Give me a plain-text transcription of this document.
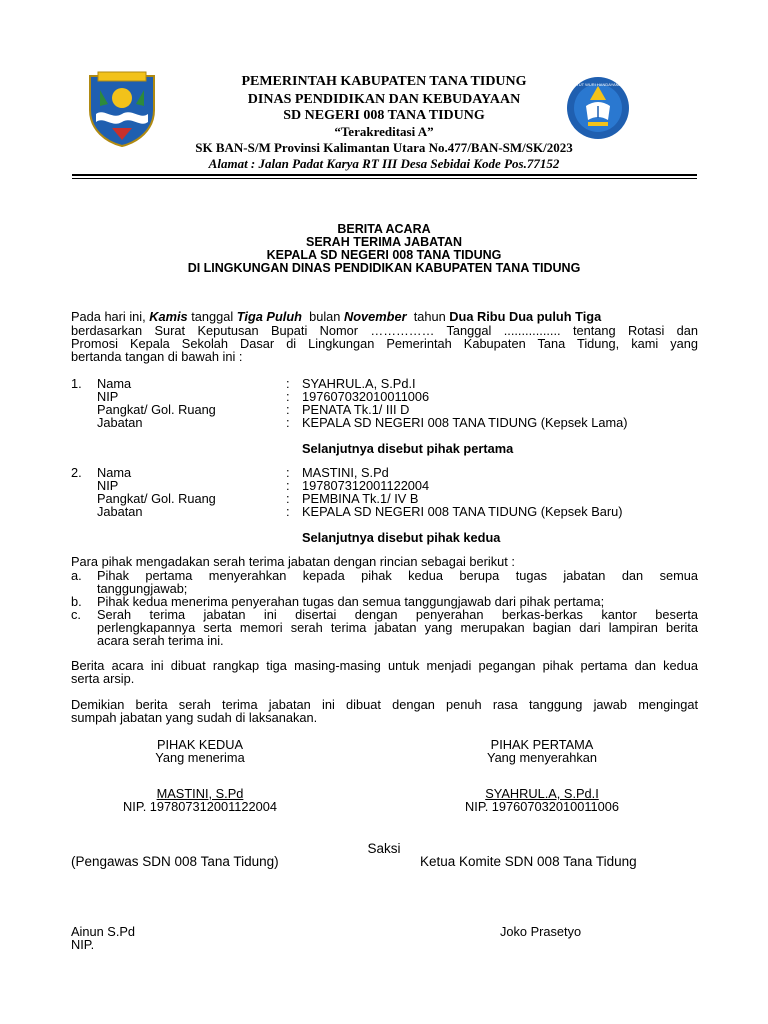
TUT WURI HANDAYANI
PEMERINTAH KABUPATEN TANA TIDUNG
DINAS PENDIDIKAN DAN KEBUDAYAAN
SD NEGERI 008 TANA TIDUNG
“Terakreditasi A”
SK BAN-S/M Provinsi Kalimantan Utara No.477/BAN-SM/SK/2023
Alamat : Jalan Padat Karya RT III Desa Sebidai Kode Pos.77152
BERITA ACARA
SERAH TERIMA JABATAN
KEPALA SD NEGERI 008 TANA TIDUNG
DI LINGKUNGAN DINAS PENDIDIKAN KABUPATEN TANA TIDUNG
Pada hari ini, Kamis tanggal Tiga Puluh bulan November tahun Dua Ribu Dua puluh Tiga
berdasarkan Surat Keputusan Bupati Nomor …………… Tanggal ................ tentang Rotasi dan
Promosi Kepala Sekolah Dasar di Lingkungan Pemerintah Kabupaten Tana Tidung, kami yang
bertanda tangan di bawah ini :
1. Nama	: SYAHRUL.A, S.Pd.I
NIP	: 197607032010011006
Pangkat/ Gol. Ruang	: PENATA Tk.1/ III D
Jabatan	: KEPALA SD NEGERI 008 TANA TIDUNG (Kepsek Lama)
Selanjutnya disebut pihak pertama
2. Nama	: MASTINI, S.Pd
NIP	: 197807312001122004
Pangkat/ Gol. Ruang	: PEMBINA Tk.1/ IV B
Jabatan	: KEPALA SD NEGERI 008 TANA TIDUNG (Kepsek Baru)
Selanjutnya disebut pihak kedua
Para pihak mengadakan serah terima jabatan dengan rincian sebagai berikut :
a. Pihak pertama menyerahkan kepada pihak kedua berupa tugas jabatan dan semua
tanggungjawab;
b. Pihak kedua menerima penyerahan tugas dan semua tanggungjawab dari pihak pertama;
c. Serah terima jabatan ini disertai dengan penyerahan berkas-berkas kantor beserta
perlengkapannya serta memori serah terima jabatan yang merupakan bagian dari lampiran berita
acara serah terima ini.
Berita acara ini dibuat rangkap tiga masing-masing untuk menjadi pegangan pihak pertama dan kedua
serta arsip.
Demikian berita serah terima jabatan ini dibuat dengan penuh rasa tanggung jawab mengingat
sumpah jabatan yang sudah di laksanakan.
PIHAK KEDUA
Yang menerima
MASTINI, S.Pd
NIP. 197807312001122004
PIHAK PERTAMA
Yang menyerahkan
SYAHRUL.A, S.Pd.I
NIP. 197607032010011006
Saksi
(Pengawas SDN 008 Tana Tidung)	Ketua Komite SDN 008 Tana Tidung
Ainun S.Pd
NIP.
Joko Prasetyo
